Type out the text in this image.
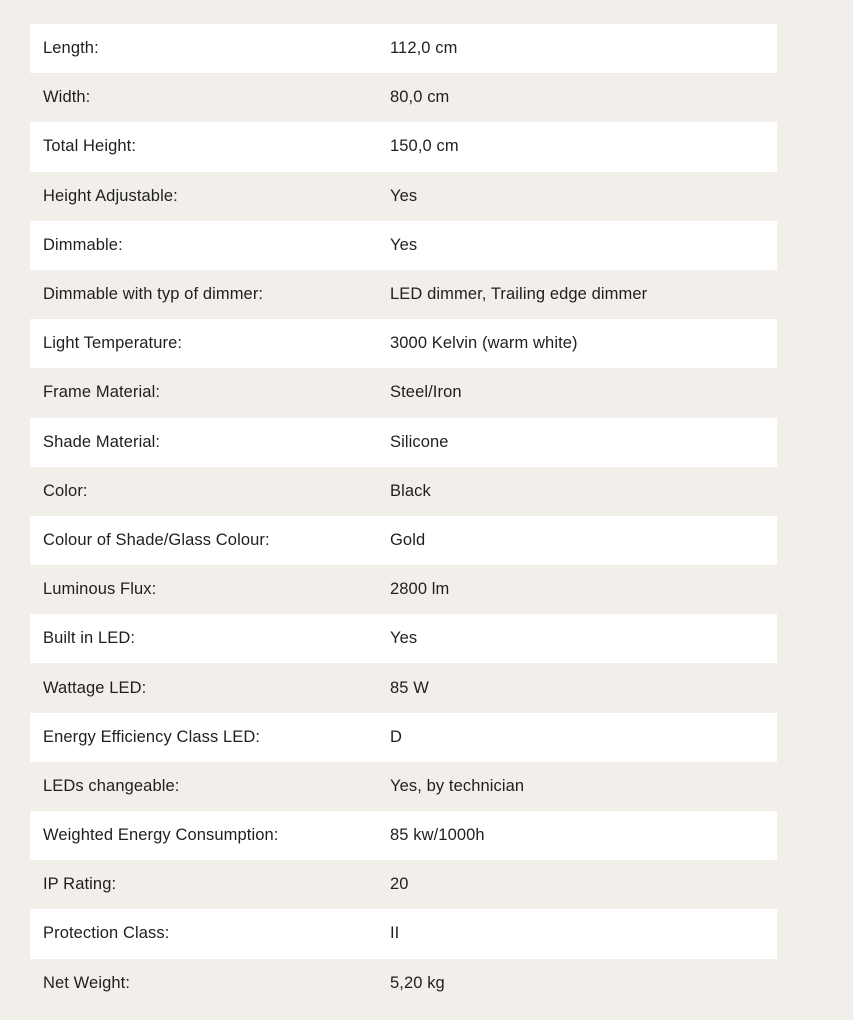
Length:	112,0 cm
Width:	80,0 cm
Total Height:	150,0 cm
Height Adjustable:	Yes
Dimmable:	Yes
Dimmable with typ of dimmer:	LED dimmer, Trailing edge dimmer
Light Temperature:	3000 Kelvin (warm white)
Frame Material:	Steel/Iron
Shade Material:	Silicone
Color:	Black
Colour of Shade/Glass Colour:	Gold
Luminous Flux:	2800 lm
Built in LED:	Yes
Wattage LED:	85 W
Energy Efficiency Class LED:	D
LEDs changeable:	Yes, by technician
Weighted Energy Consumption:	85 kw/1000h
IP Rating:	20
Protection Class:	II
Net Weight:	5,20 kg
